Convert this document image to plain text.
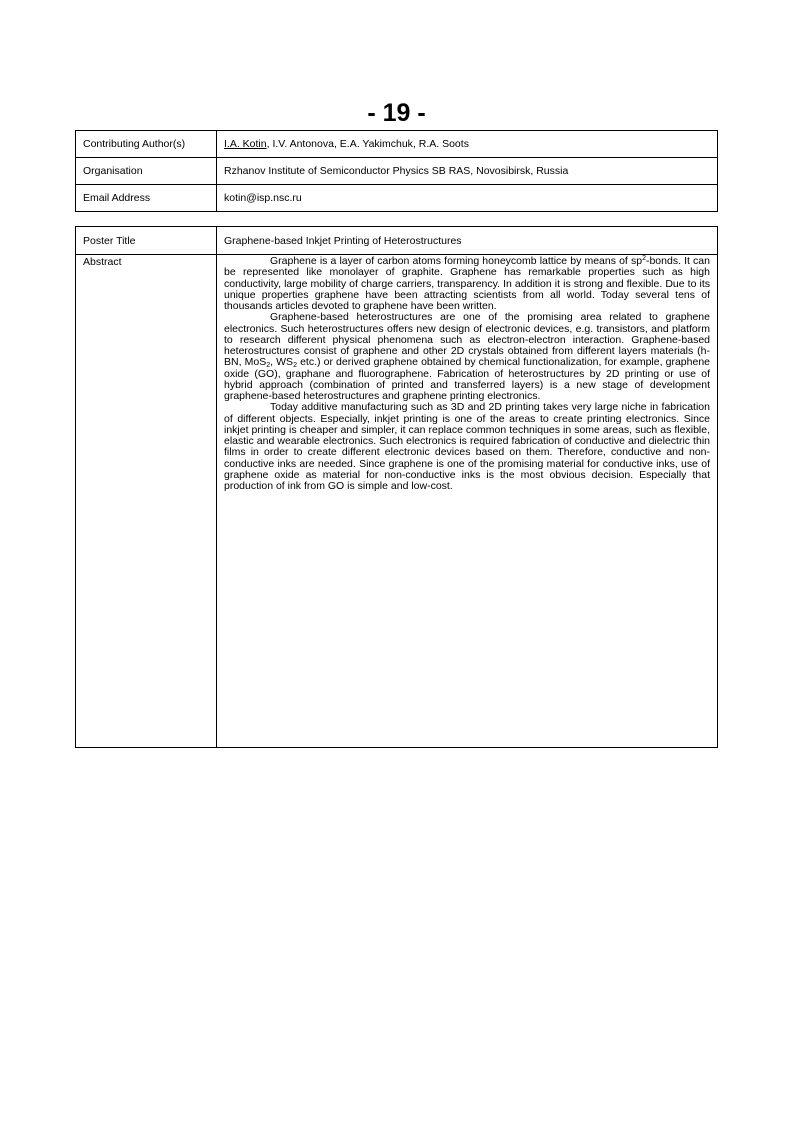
- 19 -
Contributing Author(s)	I.A. Kotin, I.V. Antonova, E.A. Yakimchuk, R.A. Soots
Organisation	Rzhanov Institute of Semiconductor Physics SB RAS, Novosibirsk, Russia
Email Address	kotin@isp.nsc.ru
Poster Title	Graphene-based Inkjet Printing of Heterostructures
Abstract	Graphene is a layer of carbon atoms forming honeycomb lattice by means of $sp^2$-bonds. It can be represented like monolayer of graphite. Graphene has remarkable properties such as high conductivity, large mobility of charge carriers, transparency. In addition it is strong and flexible. Due to its unique properties graphene have been attracting scientists from all world. Today several tens of thousands articles devoted to graphene have been written.

Graphene-based heterostructures are one of the promising area related to graphene electronics. Such heterostructures offers new design of electronic devices, e.g. transistors, and platform to research different physical phenomena such as electron-electron interaction. Graphene-based heterostructures consist of graphene and other 2D crystals obtained from different layers materials (h-BN, MoS$_2$, $WS_2$ etc.) or derived graphene obtained by chemical functionalization, for example, graphene oxide (GO), graphane and fluorographene. Fabrication of heterostructures by 2D printing or use of hybrid approach (combination of printed and transferred layers) is a new stage of development graphene-based heterostructures and graphene printing electronics.

Today additive manufacturing such as 3D and 2D printing takes very large niche in fabrication of different objects. Especially, inkjet printing is one of the areas to create printing electronics. Since inkjet printing is cheaper and simpler, it can replace common techniques in some areas, such as flexible, elastic and wearable electronics. Such electronics is required fabrication of conductive and dielectric thin films in order to create different electronic devices based on them. Therefore, conductive and non-conductive inks are needed. Since graphene is one of the promising material for conductive inks, use of graphene oxide as material for non-conductive inks is the most obvious decision. Especially that production of ink from GO is simple and low-cost.
